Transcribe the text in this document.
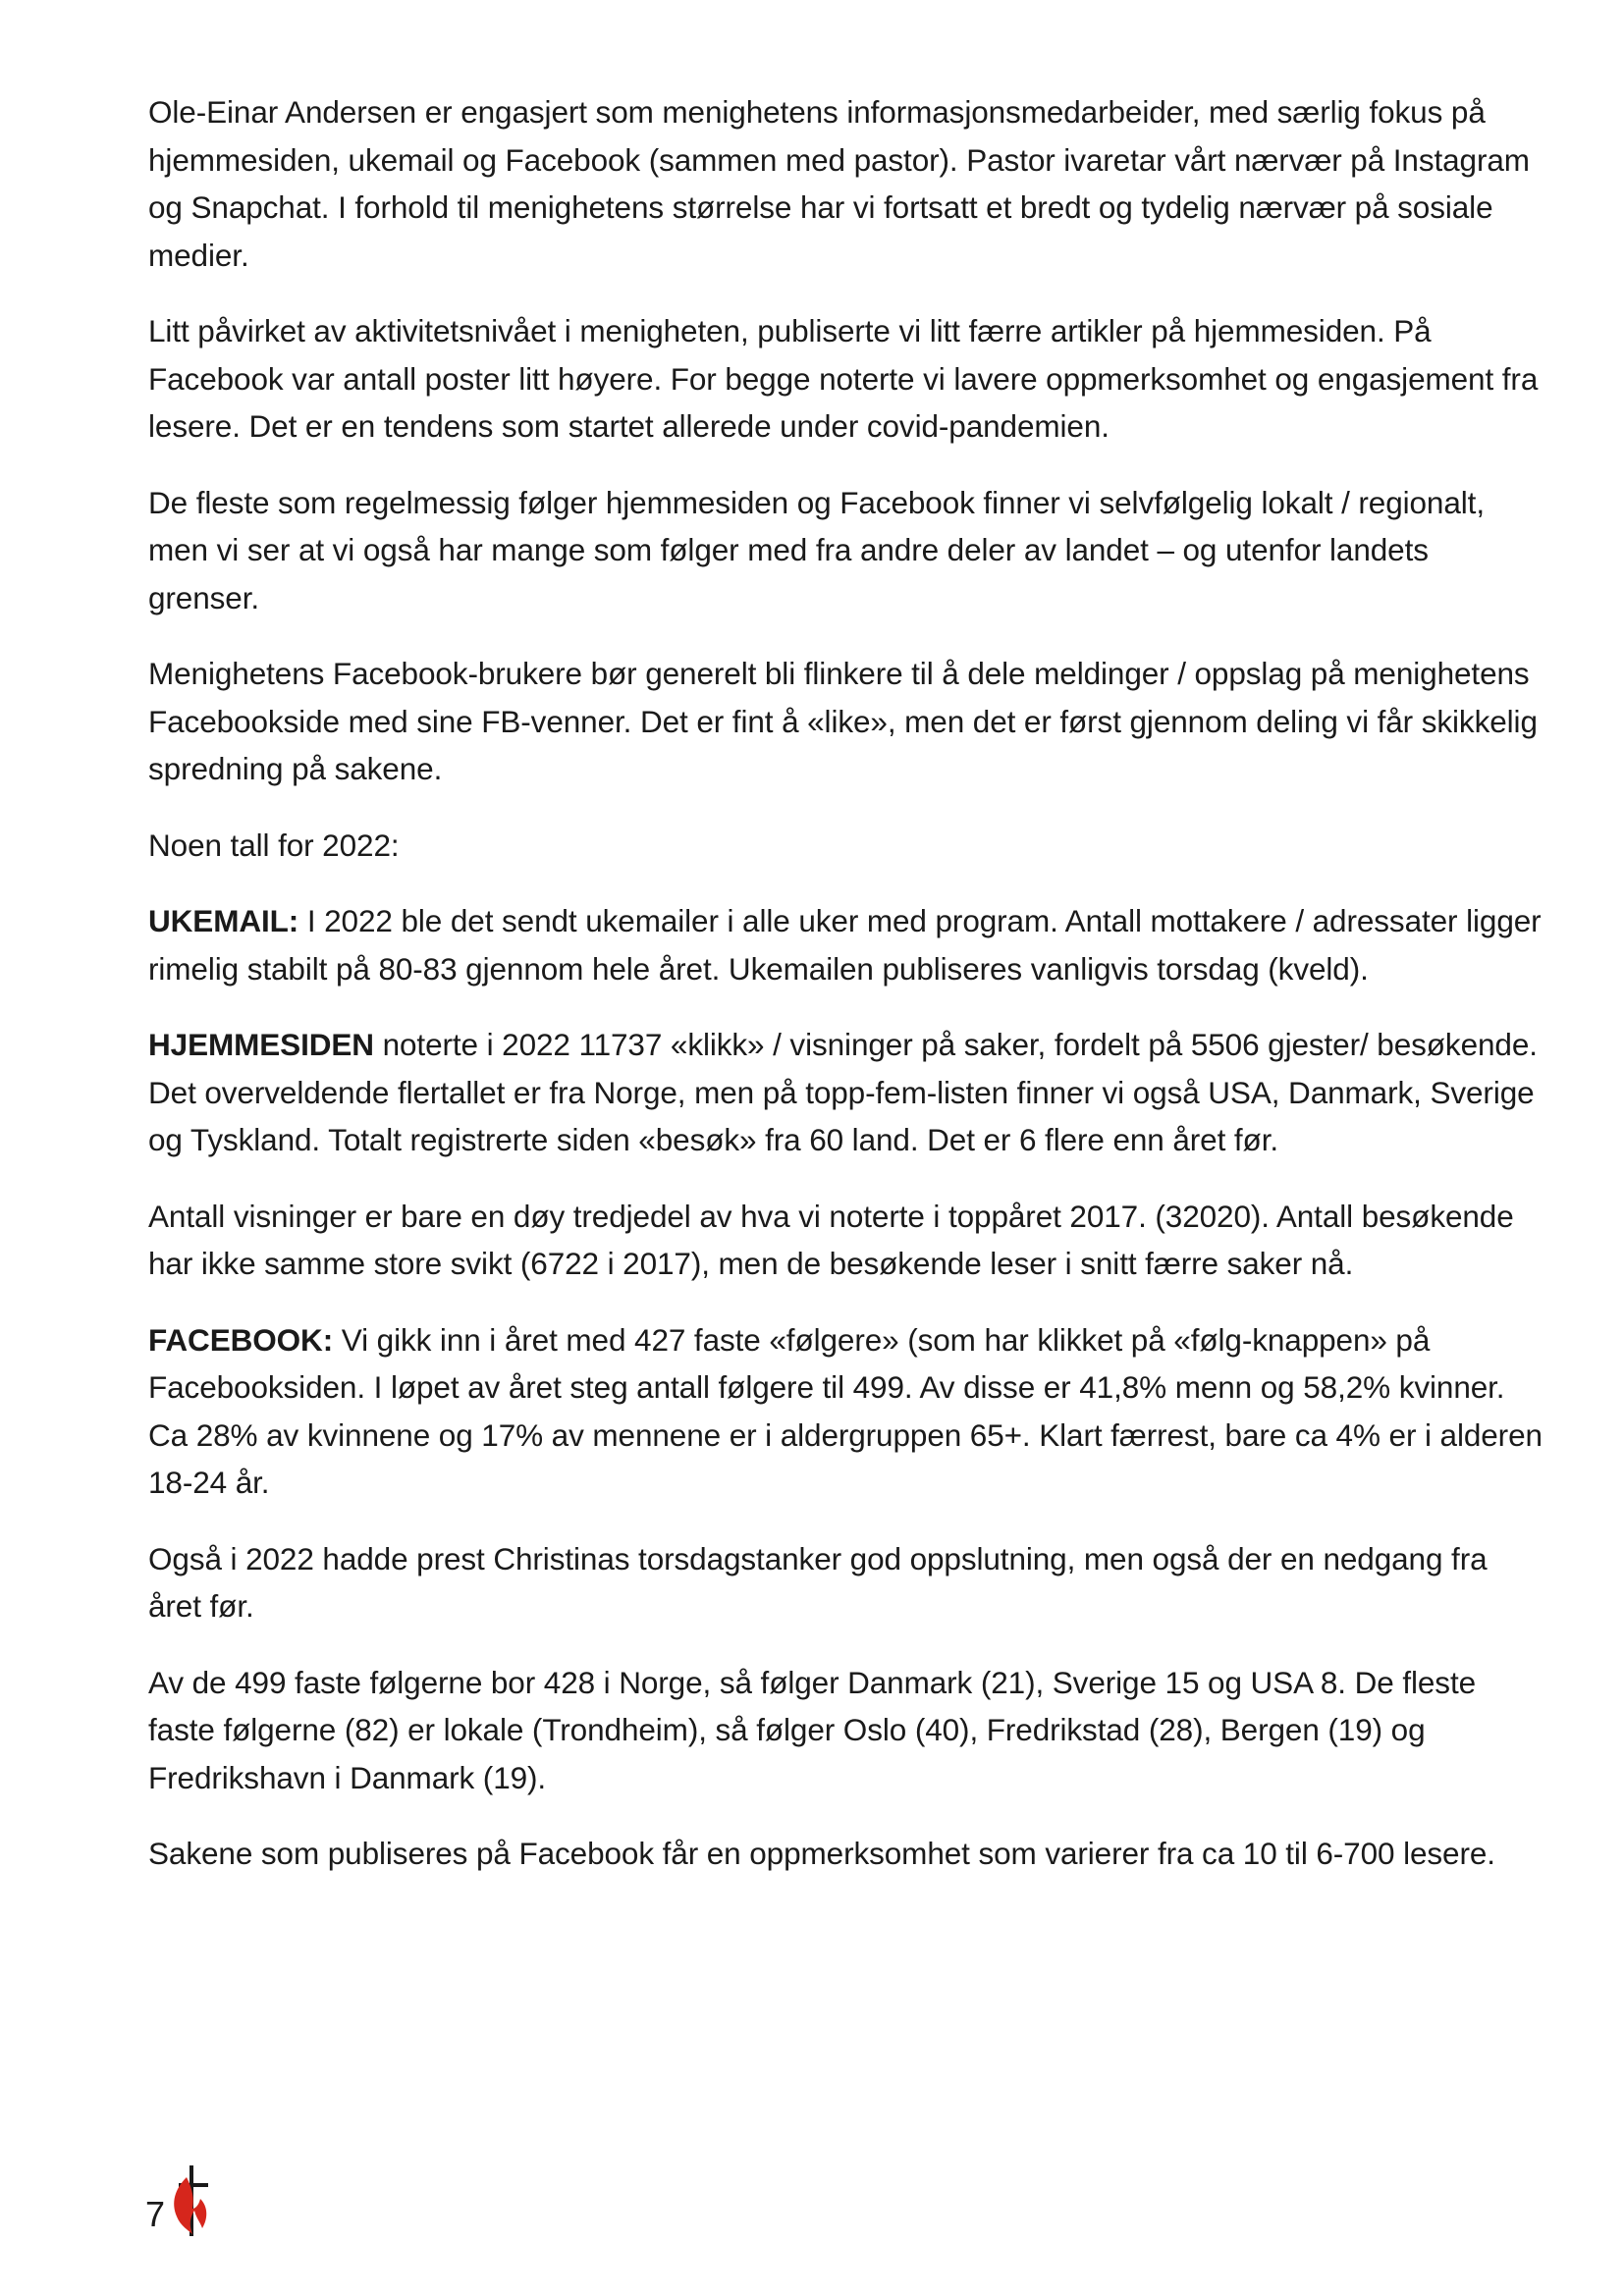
Ole-Einar Andersen er engasjert som menighetens informasjonsmedarbeider, med særlig fokus på hjemmesiden, ukemail og Facebook (sammen med pastor). Pastor ivaretar vårt nærvær på Instagram og Snapchat. I forhold til menighetens størrelse har vi fortsatt et bredt og tydelig nærvær på sosiale medier.

Litt påvirket av aktivitetsnivået i menigheten, publiserte vi litt færre artikler på hjemmesiden. På Facebook var antall poster litt høyere. For begge noterte vi lavere oppmerksomhet og engasjement fra lesere. Det er en tendens som startet allerede under covid-pandemien.

De fleste som regelmessig følger hjemmesiden og Facebook finner vi selvfølgelig lokalt / regionalt, men vi ser at vi også har mange som følger med fra andre deler av landet – og utenfor landets grenser.

Menighetens Facebook-brukere bør generelt bli flinkere til å dele meldinger / oppslag på menighetens Facebookside med sine FB-venner. Det er fint å «like», men det er først gjennom deling vi får skikkelig spredning på sakene.

Noen tall for 2022:

UKEMAIL: I 2022 ble det sendt ukemailer i alle uker med program. Antall mottakere / adressater ligger rimelig stabilt på 80-83 gjennom hele året. Ukemailen publiseres vanligvis torsdag (kveld).

HJEMMESIDEN noterte i 2022 11737 «klikk» / visninger på saker, fordelt på 5506 gjester/ besøkende. Det overveldende flertallet er fra Norge, men på topp-fem-listen finner vi også USA, Danmark, Sverige og Tyskland. Totalt registrerte siden «besøk» fra 60 land. Det er 6 flere enn året før.

Antall visninger er bare en døy tredjedel av hva vi noterte i toppåret 2017. (32020). Antall besøkende har ikke samme store svikt (6722 i 2017), men de besøkende leser i snitt færre saker nå.

FACEBOOK: Vi gikk inn i året med 427 faste «følgere» (som har klikket på «følg-knappen» på Facebooksiden. I løpet av året steg antall følgere til 499. Av disse er 41,8% menn og 58,2% kvinner. Ca 28% av kvinnene og 17% av mennene er i aldergruppen 65+. Klart færrest, bare ca 4% er i alderen 18-24 år.

Også i 2022 hadde prest Christinas torsdagstanker god oppslutning, men også der en nedgang fra året før.

Av de 499 faste følgerne bor 428 i Norge, så følger Danmark (21), Sverige 15 og USA 8. De fleste faste følgerne (82) er lokale (Trondheim), så følger Oslo (40), Fredrikstad (28), Bergen (19) og Fredrikshavn i Danmark (19).

Sakene som publiseres på Facebook får en oppmerksomhet som varierer fra ca 10 til 6-700 lesere.

7
